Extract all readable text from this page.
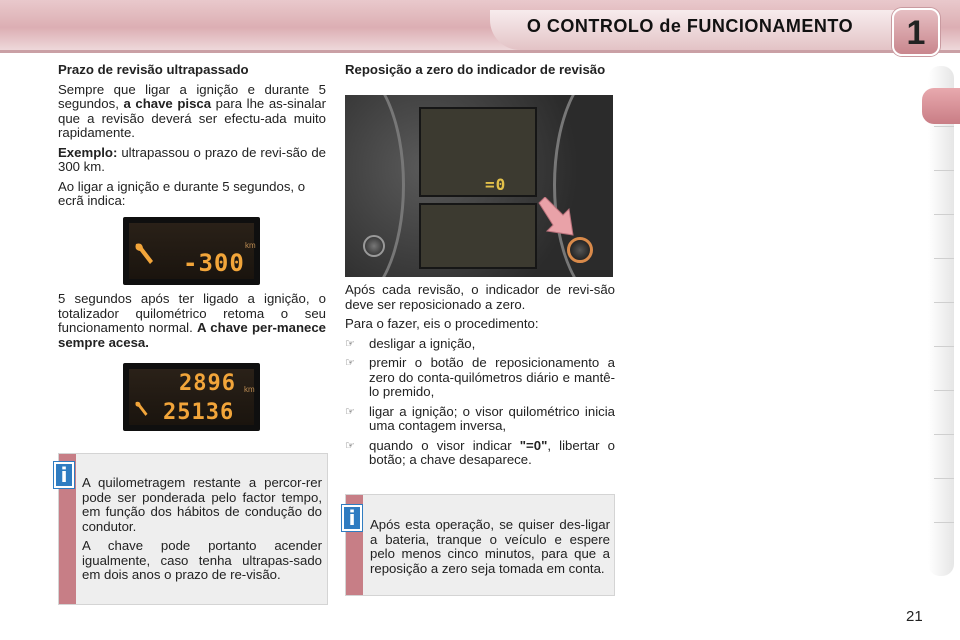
O CONTROLO de FUNCIONAMENTO	1

Prazo de revisão ultrapassado

Sempre que ligar a ignição e durante 5 segundos, a chave pisca para lhe as-sinalar que a revisão deverá ser efectu-ada muito rapidamente.

Exemplo: ultrapassou o prazo de revi-são de 300 km.

Ao ligar a ignição e durante 5 segundos, o ecrã indica:

-300
km

5 segundos após ter ligado a ignição, o totalizador quilométrico retoma o seu funcionamento normal. A chave per-manece sempre acesa.

2896 km
25136
i	A quilometragem restante a percor-rer pode ser ponderada pelo factor tempo, em função dos hábitos de condução do condutor.

A chave pode portanto acender igualmente, caso tenha ultrapas-sado em dois anos o prazo de re-visão.

Reposição a zero do indicador de revisão

=0

Após cada revisão, o indicador de revi-são deve ser reposicionado a zero.

Para o fazer, eis o procedimento:

☞ desligar a ignição,
☞ premir o botão de reposicionamento a zero do conta-quilómetros diário e mantê-lo premido,
☞ ligar a ignição; o visor quilométrico inicia uma contagem inversa,
☞ quando o visor indicar "=0", libertar o botão; a chave desaparece.
i	Após esta operação, se quiser des-ligar a bateria, tranque o veículo e espere pelo menos cinco minutos, para que a reposição a zero seja tomada em conta.

21
